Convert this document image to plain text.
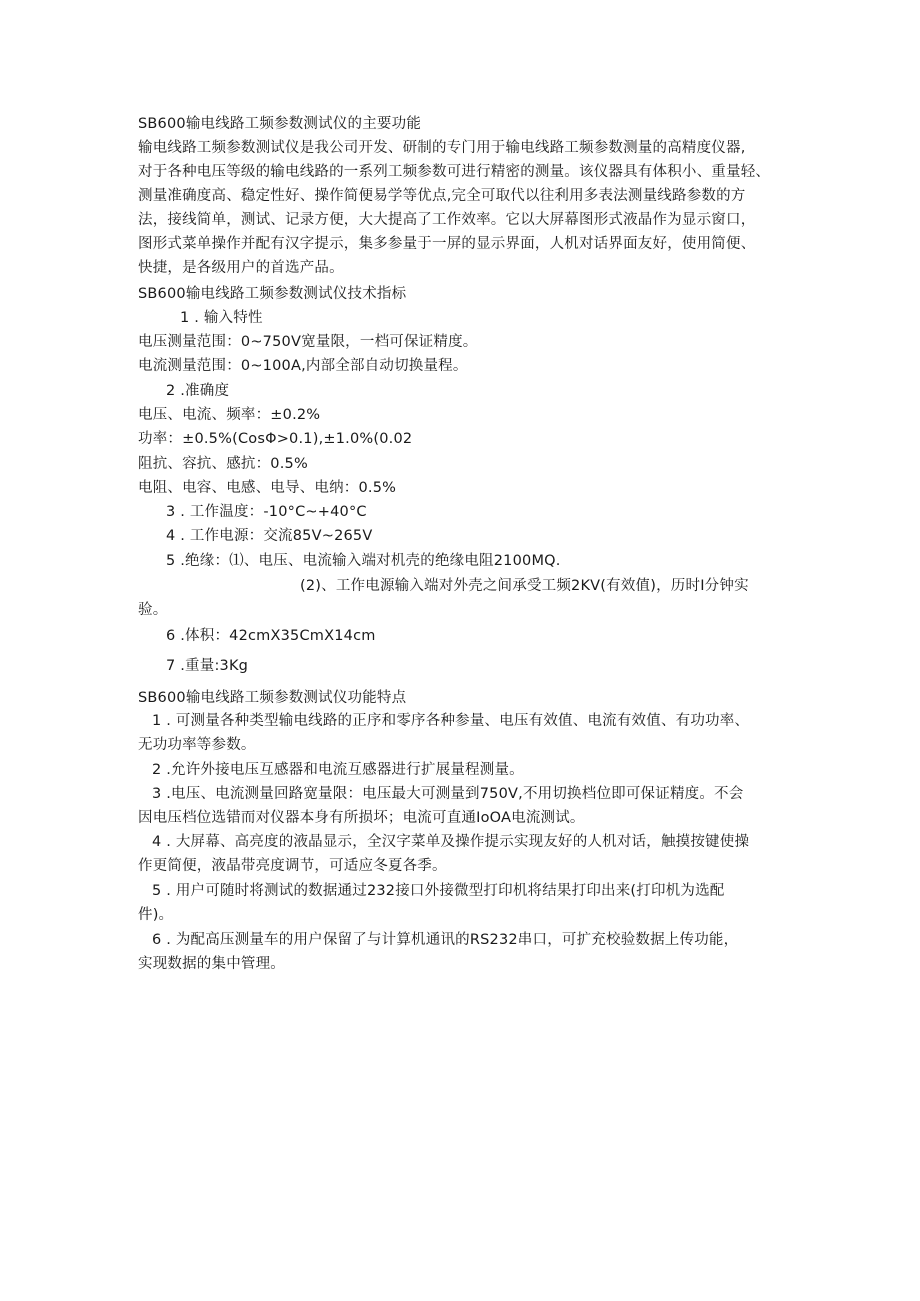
SB600输电线路工频参数测试仪的主要功能
输电线路工频参数测试仪是我公司开发、研制的专门用于输电线路工频参数测量的高精度仪器,
对于各种电压等级的输电线路的一系列工频参数可进行精密的测量。该仪器具有体积小、重量轻、
测量准确度高、稳定性好、操作简便易学等优点,完全可取代以往利用多表法测量线路参数的方
法，接线简单，测试、记录方便，大大提高了工作效率。它以大屏幕图形式液晶作为显示窗口，
图形式菜单操作并配有汉字提示，集多参量于一屏的显示界面，人机对话界面友好，使用简便、
快捷，是各级用户的首选产品。
SB600输电线路工频参数测试仪技术指标
1 . 输入特性
电压测量范围：0~750V宽量限，一档可保证精度。
电流测量范围：0~100A,内部全部自动切换量程。
2 .准确度
电压、电流、频率：±0.2%
功率：±0.5%(CosΦ>0.1),±1.0%(0.02
阻抗、容抗、感抗：0.5%
电阻、电容、电感、电导、电纳：0.5%
3 . 工作温度：-10°C~+40°C
4 . 工作电源：交流85V~265V
5 .绝缘：⑴、电压、电流输入端对机壳的绝缘电阻2100MQ.
(2)、工作电源输入端对外壳之间承受工频2KV(有效值)，历时I分钟实
验。
6 .体积：42cmX35CmX14cm
7 .重量:3Kg
SB600输电线路工频参数测试仪功能特点
1 . 可测量各种类型输电线路的正序和零序各种参量、电压有效值、电流有效值、有功功率、
无功功率等参数。
2 .允许外接电压互感器和电流互感器进行扩展量程测量。
3 .电压、电流测量回路宽量限：电压最大可测量到750V,不用切换档位即可保证精度。不会
因电压档位选错而对仪器本身有所损坏；电流可直通IoOA电流测试。
4 . 大屏幕、高亮度的液晶显示，全汉字菜单及操作提示实现友好的人机对话，触摸按键使操
作更简便，液晶带亮度调节，可适应冬夏各季。
5 . 用户可随时将测试的数据通过232接口外接微型打印机将结果打印出来(打印机为选配
件)。
6 . 为配高压测量车的用户保留了与计算机通讯的RS232串口，可扩充校验数据上传功能，
实现数据的集中管理。
